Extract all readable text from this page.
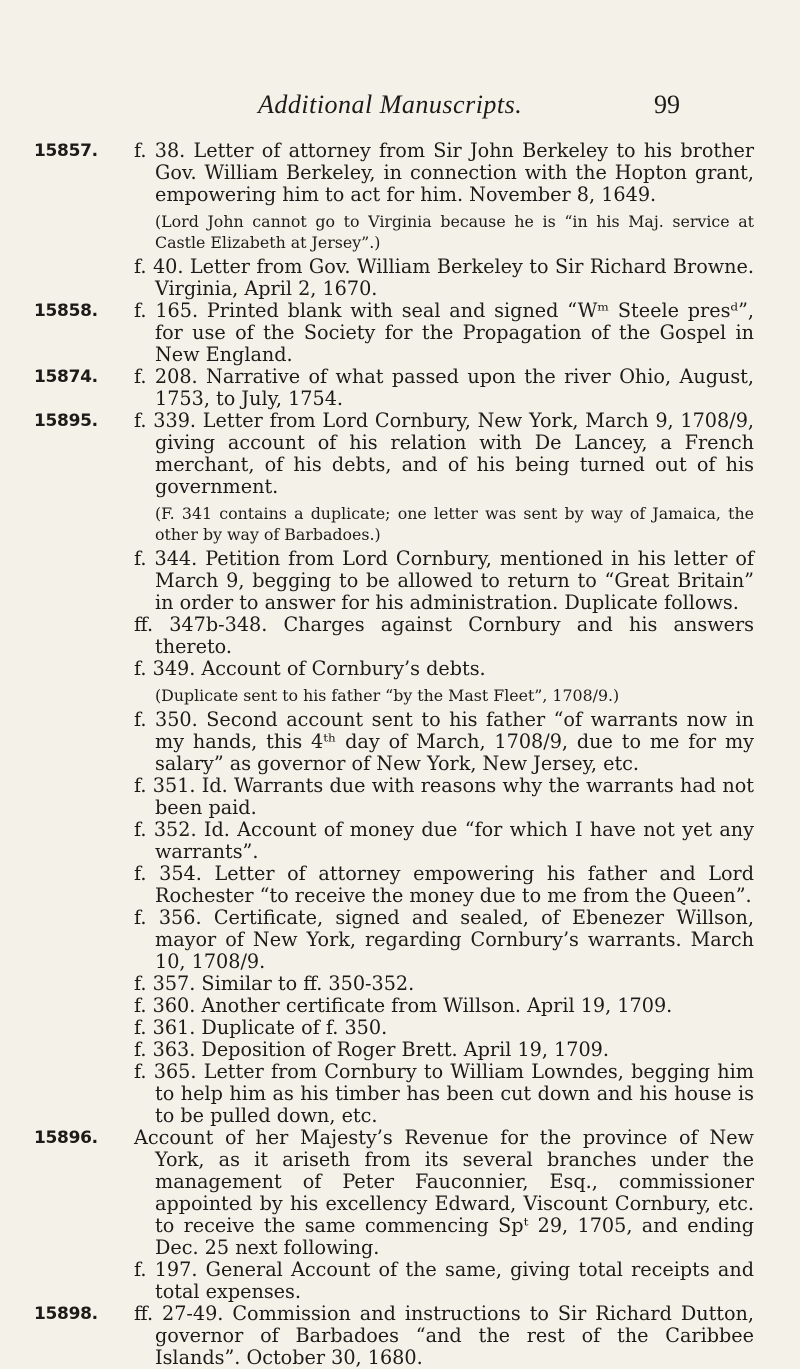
Additional Manuscripts.	99
15857.	f. 38. Letter of attorney from Sir John Berkeley to his brother Gov. William Berkeley, in connection with the Hopton grant, empowering him to act for him. November 8, 1649.
(Lord John cannot go to Virginia because he is “in his Maj. service at Castle Elizabeth at Jersey”.)
f. 40. Letter from Gov. William Berkeley to Sir Richard Browne. Virginia, April 2, 1670.
15858.	f. 165. Printed blank with seal and signed “Wᵐ Steele presᵈ”, for use of the Society for the Propagation of the Gospel in New England.
15874.	f. 208. Narrative of what passed upon the river Ohio, August, 1753, to July, 1754.
15895.	f. 339. Letter from Lord Cornbury, New York, March 9, 1708/9, giving account of his relation with De Lancey, a French merchant, of his debts, and of his being turned out of his government.
(F. 341 contains a duplicate; one letter was sent by way of Jamaica, the other by way of Barbadoes.)
f. 344. Petition from Lord Cornbury, mentioned in his letter of March 9, begging to be allowed to return to “Great Britain” in order to answer for his administration. Duplicate follows.
ff. 347b-348. Charges against Cornbury and his answers thereto.
f. 349. Account of Cornbury’s debts.
(Duplicate sent to his father “by the Mast Fleet”, 1708/9.)
f. 350. Second account sent to his father “of warrants now in my hands, this 4ᵗʰ day of March, 1708/9, due to me for my salary” as governor of New York, New Jersey, etc.
f. 351. Id. Warrants due with reasons why the warrants had not been paid.
f. 352. Id. Account of money due “for which I have not yet any warrants”.
f. 354. Letter of attorney empowering his father and Lord Rochester “to receive the money due to me from the Queen”.
f. 356. Certificate, signed and sealed, of Ebenezer Willson, mayor of New York, regarding Cornbury’s warrants. March 10, 1708/9.
f. 357. Similar to ff. 350-352.
f. 360. Another certificate from Willson. April 19, 1709.
f. 361. Duplicate of f. 350.
f. 363. Deposition of Roger Brett. April 19, 1709.
f. 365. Letter from Cornbury to William Lowndes, begging him to help him as his timber has been cut down and his house is to be pulled down, etc.
15896.	Account of her Majesty’s Revenue for the province of New York, as it ariseth from its several branches under the management of Peter Fauconnier, Esq., commissioner appointed by his excellency Edward, Viscount Cornbury, etc. to receive the same commencing Spᵗ 29, 1705, and ending Dec. 25 next following.
f. 197. General Account of the same, giving total receipts and total expenses.
15898.	ff. 27-49. Commission and instructions to Sir Richard Dutton, governor of Barbadoes “and the rest of the Caribbee Islands”. October 30, 1680.
